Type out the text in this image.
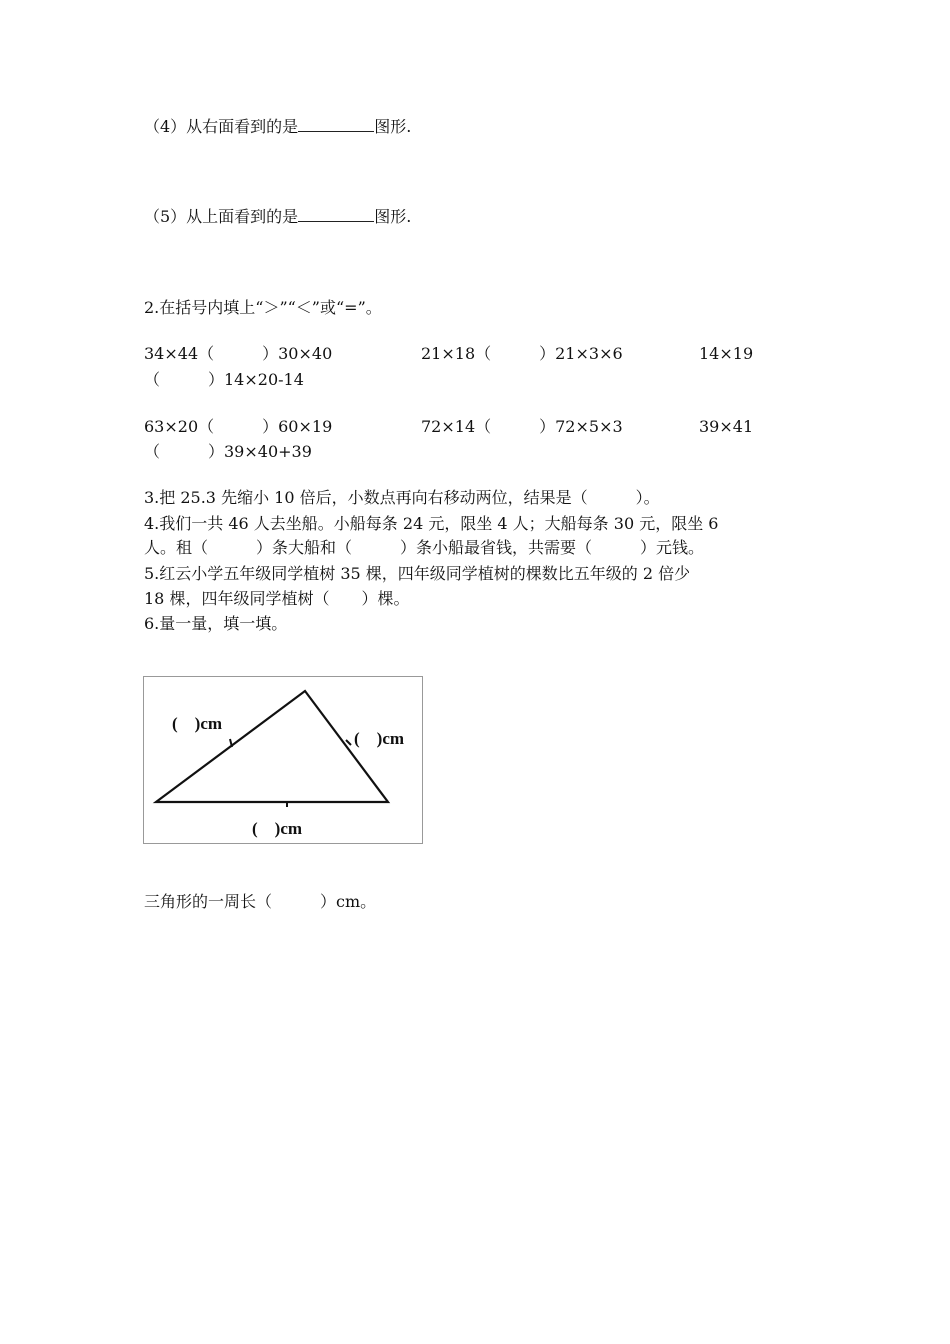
（4）从右面看到的是	图形.
（5）从上面看到的是	图形.
2.在括号内填上“＞”“＜”或“=”。
34×44（　　　）30×40	21×18（　　　）21×3×6	14×19
（　　　）14×20-14
63×20（　　　）60×19	72×14（　　　）72×5×3	39×41
（　　　）39×40+39
3.把 25.3 先缩小 10 倍后，小数点再向右移动两位，结果是（　　　）。
4.我们一共 46 人去坐船。小船每条 24 元，限坐 4 人；大船每条 30 元，限坐 6
人。租（　　　）条大船和（　　　）条小船最省钱，共需要（　　　）元钱。
5.红云小学五年级同学植树 35 棵，四年级同学植树的棵数比五年级的 2 倍少
18 棵，四年级同学植树（　　）棵。
6.量一量，填一填。
(　)cm
(　)cm
(　)cm
三角形的一周长（　　　）cm。
